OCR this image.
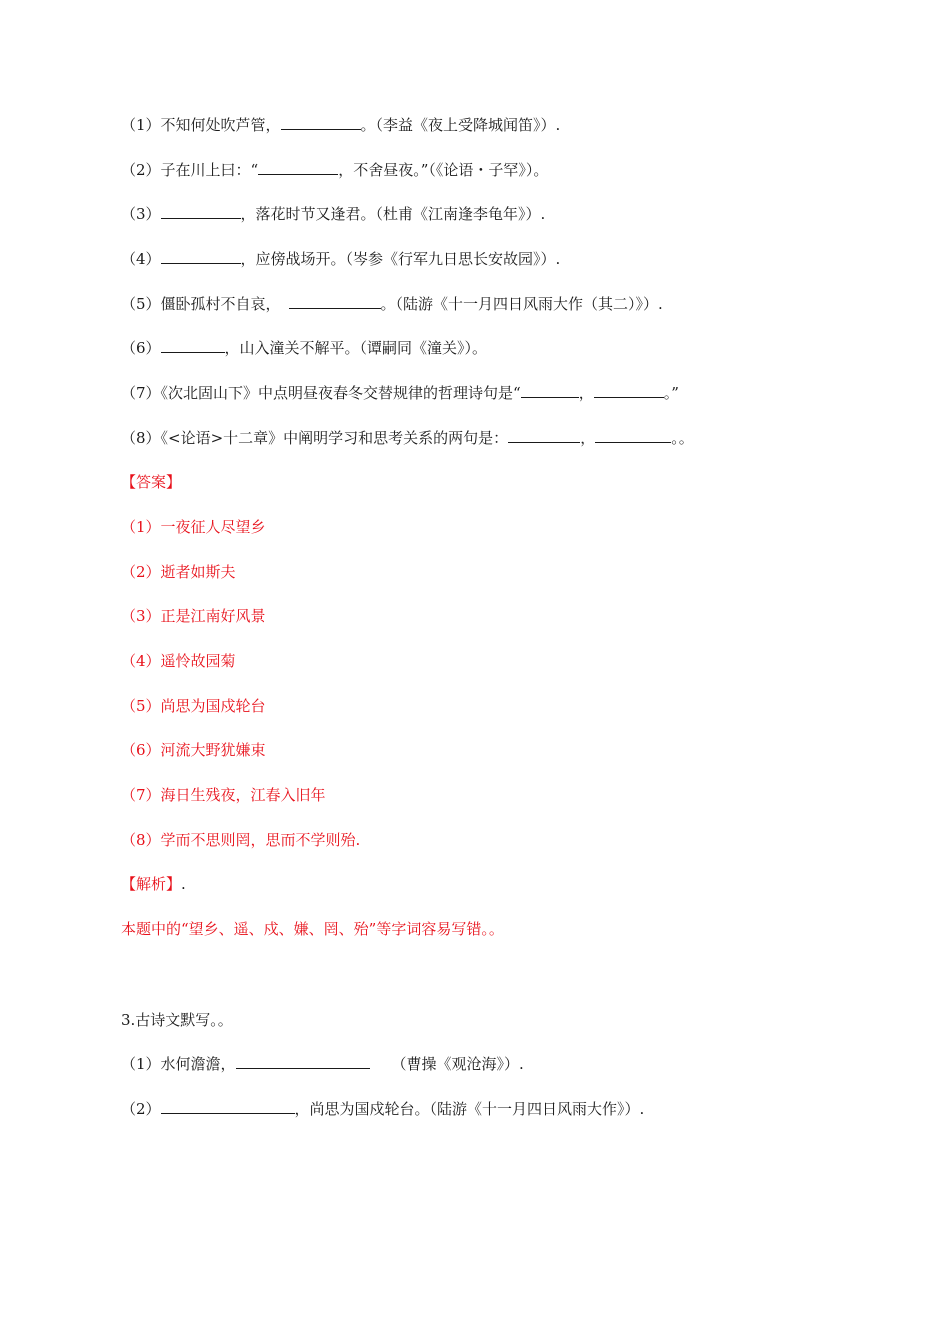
（1）不知何处吹芦管，	。（李益《夜上受降城闻笛》）.
（2）子在川上曰：“	，不舍昼夜。”（《论语・子罕》）。
（3）	，落花时节又逢君。（杜甫《江南逢李龟年》）.
（4）	，应傍战场开。（岑参《行军九日思长安故园》）.
（5）僵卧孤村不自哀，	。（陆游《十一月四日风雨大作（其二）》）.
（6）	，山入潼关不解平。（谭嗣同《潼关》）。
（7）《次北固山下》中点明昼夜春冬交替规律的哲理诗句是“	，	。”
（8）《<论语>十二章》中阐明学习和思考关系的两句是：	，	。。
【答案】
（1）一夜征人尽望乡
（2）逝者如斯夫
（3）正是江南好风景
（4）遥怜故园菊
（5）尚思为国戍轮台
（6）河流大野犹嫌束
（7）海日生残夜，江春入旧年
（8）学而不思则罔，思而不学则殆.
【解析】.
本题中的“望乡、遥、戍、嫌、罔、殆”等字词容易写错。。
3.古诗文默写。。
（1）水何澹澹，	（曹操《观沧海》）.
（2）	，尚思为国戍轮台。（陆游《十一月四日风雨大作》）.
